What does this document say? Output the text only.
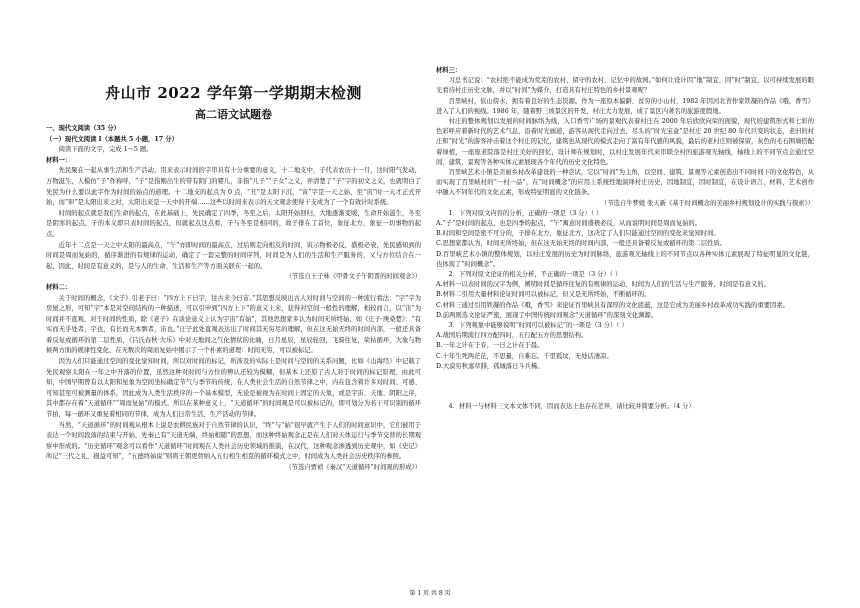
舟山市 2022 学年第一学期期末检测
高二语文试题卷

一、现代文阅读（35 分）

（一）现代文阅读 I（本题共 5 小题，17 分）

阅读下面的文字，完成 1～5 题。

材料一：

先民聚在一起从事生活和生产活动，用来表示时间的字串具有十分重要的意义，十二地支中，子代表农历十一月，这时阳气发动，万物滋生，人模仿“子”作称呼，“子”是指刚出生的带有阴门的婴儿，非指“儿子”“子女”之义，弄清楚了“子”字的初文之义，也就明白了先民为什么要以此字作为时间的始点的道理。十二地支的起点为 0 点，“丑”是太阳下沉，“寅”字是一天之始，至“寅”时一天才正式开始，而“卯”是太阳出来之时，太阳出来是一天中的开端……这些以时间来表示的天文观念使得干支成为了一个有效计时系统。

时间的起点就是我们生命的起点，在此基础上，先民确定了四季，冬至之后，太阳开始回归，大地逐渐变暖，生命开始滋生，冬至是阴寒的起点，子的本义即只表时间的起点，但就起点这点看，子与冬至是相同的，故子排在了首位，象征北方，象征一切事物的起点。

近年十二点是一天之中太阳的最高点，“午”亦即时间的最高点，过后则走向相反的时间，寅示物极必反，盛极必衰，先民感知到的时间是周而复始的，循序渐进的有规律的运动，确定了一套完整的时间序列，时间是为人们的生活和生产服务的，又与方位结合在一起，因此，时间是有意义的，是与人的生命、生活和生产等方面关联在一起的。

（节选自王子林《甲骨文子午阴晋的时间观念》）

材料二：

关于时间的概念，《文子》引老子曰：“四方上下曰宇，往古来今曰宙。”其思想反映出古人对时间与空间的一种流行看法：“宇”字为房屋之形，可知“宇”本是对空间结构的一种描述，可以引申到“四方上下”的意义上来，获得对空间一般性的理解，相较而言，以“宙”为时间并不直观，对于时间的性质，除《老子》在谈论意义上认为宇宙“有始”，其他思想家多认为时间无所终始，如《庄子·庚桑楚》：“有实而无乎处者，宇也，有长而无本剽者，宙也。”庄子此处直观表达出了时间其无穷尽的理解，但在这无始无终的时间内部，一般还具备着反复或循环的第二层性质，《吕氏春秋·大乐》中对天地间之气化情状的比喻，日月星辰，星辰轮回，飞骑往复，荣枯循环，大象与物候两方面的规律性变化，在无数次的周而复始中揭示了一个朴素的道理：时间无穷，可以被标记。

因为人们只能通过空间的变化觉知时间，所以对时间的标记，所涉及的实际上是时间与空间的关系问题，比如《山海经》中记载了先民观察太阳在一年之中升落的位置，虽然这种对时间与方位的辨认还较为模糊，但基本上还原了古人对于时间的标记原理，由此可知，中国早期曾有以太阳和星象为空间坐标确定节气与季节的传统，在人类社会生活的自然节律之中，内在包含着许多对时间、可感、可知甚至可被测量的体系，因此成为人类生活秩序的一个基本模型，无论是被视为在时间上固定的天象，或是宇宙、天地、阴阳之序，其中都存在着“天道循环”“周而复始”的模式，所以在某种意义上，“天道循环”的时间观是可以被标记的，即可划分为若干可识别的循环节拍，每一循环又重复着相同的节律，成为人们日常生活、生产活动的节律。

当然，“天道循环”的时间观从根本上说是农耕民族对于自然节律的认识，“终”与“始”很早就产生于人们的时间意识中，它们被用于表达一个时间段落的结束与开始，先秦已有“天道无端，终始相随”的思想，而这种终始观念正是在人们对天体运行与季节交替的长期观察中形成的。“历史循环”观念可以看作“天道循环”时间观在人类社会历史领域的推演，在汉代，这种观念渗透到历史观中，如《史记》所记“三代之礼，损益可知”，“五德终始说”则将王朝更替纳入五行相生相克的循环模式之中，时间成为人类社会历史秩序的参照。

（节选自贾祯《秦汉“天道循环”时间观的形成》）

材料三：

习总书记说：“农村绝不能成为荒芜的农村、留守的农村、记忆中的故园。”如何让设计因“地”制宜、因“时”制宜，以可持续发展的眼光看待村庄历史文脉，并以“时间”为媒介，打造具有村庄特色的乡村景观呢？

百里峡村，依山傍水，拥有着良好的生态资源。作为一座原本偏僻、贫穷的小山村，1982 年因河北省作家铁凝的作品《哦，香雪》进入了人们的视线。1986 年，随着野三坡景区的开发，村庄大力发展，成了景区内著名的旅游度假地。

村庄的整体规划以发展的时间脉络为线，入口香雪广场的景观代表着村庄在 2000 年后欣欣向荣的面貌，现代的建筑形式和七彩的色彩呼应着新时代的艺术气息，沿着时光廊道，游客从现代走向过去，尽头的“时光宝盒”是村庄 20 世纪 80 年代巨变的状态，老旧的村庄和“时光”的游客冲击着这个村庄的记忆，建筑也从现代的模式走向了富有年代感的风貌，最后的老村庄则被保留，灰色的毛石围墙搭配着绿植，一座座老院落是村庄美好的回忆，设计师在规划时，以村庄发展年代来串联全村的旅游观光轴线，轴线上的不同节点会通过空间、建筑、景观等各种实体元素展现各个年代的历史文化特色。

百里峡艺术小镇是美丽乡村改革建设的一种尝试，它以“时间”为主角，以空间、建筑、景观等元素创造出不同时间下的文化特色，从而实现了百里峡村的“一村一品”，在“时间概念”的应用上系统性地演绎村庄历史，因地制宜，因时制宜，在设计语言、材料、艺术创作中融入不同年代的文化元素，形成特征明显的文化链条。

（节选自牛梦媛 张天新《基于时间概念的美丽乡村规划设计的实践与探索》）

1．下列对原文内容的分析，正确的一项是（3 分）（ ）

A.“子”是时间的起点，也是四季的起点，“午”寓意时间盛极必反，从而说明时间是周而复始的。

B.时间和空间是密不可分的，子排在北方，象征北方，这决定了人们只能通过空间的变化来觉知时间。

C.思想家都认为，时间无所终始，但在这无始无终的时间内部，一般还具备着反复或循环的第二层性质。

D.百里峡艺术小镇的整体规划，以村庄发展的历史为时间脉络，旅游观光轴线上的不同节点以各种实体元素展现了特征明显的文化链，也体现了“时间概念”。

2．下列对原文论证的相关分析，不正确的一项是（3 分）（ ）

A.材料一以表时间的汉字为例，阐明时间是循环往复的有规律的运动，时间为人们的生活与生产服务，时间是有意义的。

B.材料二引用大量材料论证时间可以被标记，但又是无所终始，不断循环的。

C.材料三通过引用铁凝的作品《哦，香雪》来论证百里峡具有深厚的文化底蕴，这是它成为美丽乡村改革成功实践的重要因素。

D.前两则选文论证严密，展现了中国传统时间观念“天道循环”的深刻文化渊源。

3．下列观象中能够说明“时间可以被标记”的一项是（3 分）（ ）

A.战国后期流行四方配四时，五行配五方的思想结构。

B.一年之计在于春，一日之计在于晨。

C.十年生死两茫茫，不思量，自难忘。千里孤坟，无处话凄凉。

D.大漠穷秋塞草腓，孤城落日斗兵稀。

4．材料一与材料三文本文体不同，因而表达上也存在差异，请比较并简要分析。（4 分）

第 1 页 共 8 页
